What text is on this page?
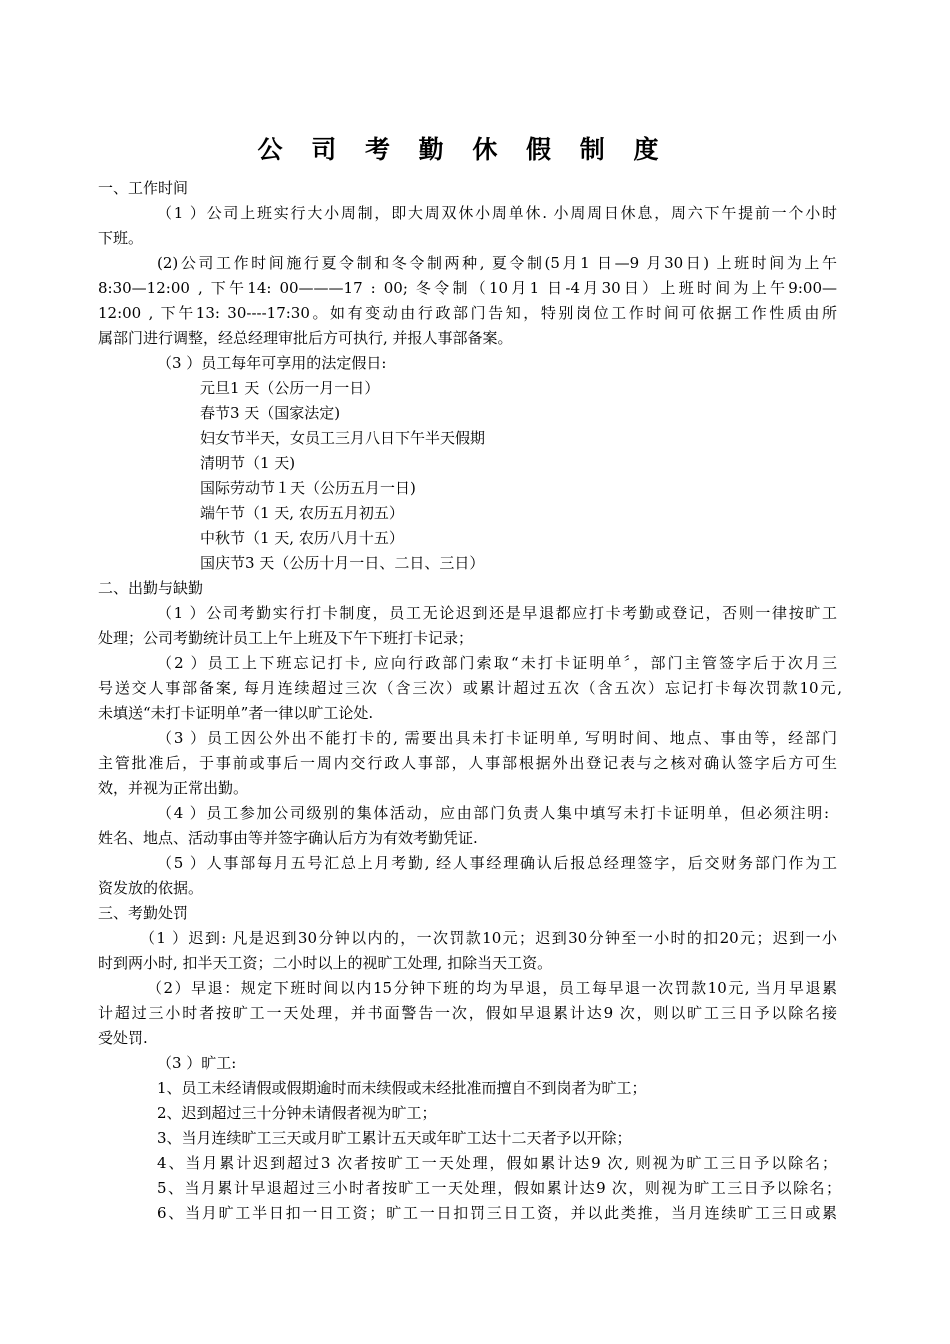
公 司 考 勤 休 假 制 度
一、工作时间
（1 ）公司上班实行大小周制，即大周双休小周单休. 小周周日休息，周六下午提前一个小时
下班。
(2)公司工作时间施行夏令制和冬令制两种, 夏令制(5月1 日—9 月30日) 上班时间为上午
8:30—12:00 , 下午14: 00———17 : 00; 冬令制（10月1 日-4月30日）上班时间为上午9:00—
12:00 , 下午13: 30----17:30。如有变动由行政部门告知，特别岗位工作时间可依据工作性质由所
属部门进行调整，经总经理审批后方可执行, 并报人事部备案。
（3 ）员工每年可享用的法定假日:
元旦1 天（公历一月一日）
春节3 天（国家法定)
妇女节半天，女员工三月八日下午半天假期
清明节（1 天)
国际劳动节１天（公历五月一日)
端午节（1 天, 农历五月初五）
中秋节（1 天, 农历八月十五）
国庆节3 天（公历十月一日、二日、三日）
二、出勤与缺勤
（1 ）公司考勤实行打卡制度，员工无论迟到还是早退都应打卡考勤或登记，否则一律按旷工
处理；公司考勤统计员工上午上班及下午下班打卡记录；
（2 ）员工上下班忘记打卡, 应向行政部门索取“未打卡证明单〞，部门主管签字后于次月三
号送交人事部备案, 每月连续超过三次（含三次）或累计超过五次（含五次）忘记打卡每次罚款10元,
未填送“未打卡证明单”者一律以旷工论处.
（3 ）员工因公外出不能打卡的, 需要出具未打卡证明单, 写明时间、地点、事由等，经部门
主管批准后，于事前或事后一周内交行政人事部，人事部根据外出登记表与之核对确认签字后方可生
效，并视为正常出勤。
（4 ）员工参加公司级别的集体活动，应由部门负责人集中填写未打卡证明单，但必须注明:
姓名、地点、活动事由等并签字确认后方为有效考勤凭证.
（5 ）人事部每月五号汇总上月考勤, 经人事经理确认后报总经理签字，后交财务部门作为工
资发放的依据。
三、考勤处罚
（1 ）迟到: 凡是迟到30分钟以内的，一次罚款10元；迟到30分钟至一小时的扣20元；迟到一小
时到两小时, 扣半天工资；二小时以上的视旷工处理, 扣除当天工资。
（2）早退：规定下班时间以内15分钟下班的均为早退，员工每早退一次罚款10元, 当月早退累
计超过三小时者按旷工一天处理，并书面警告一次，假如早退累计达9 次，则以旷工三日予以除名接
受处罚.
（3 ）旷工:
1、员工未经请假或假期逾时而未续假或未经批准而擅自不到岗者为旷工；
2、迟到超过三十分钟未请假者视为旷工；
3、当月连续旷工三天或月旷工累计五天或年旷工达十二天者予以开除；
4、当月累计迟到超过3 次者按旷工一天处理，假如累计达9 次, 则视为旷工三日予以除名；
5、当月累计早退超过三小时者按旷工一天处理，假如累计达9 次，则视为旷工三日予以除名；
6、当月旷工半日扣一日工资；旷工一日扣罚三日工资，并以此类推，当月连续旷工三日或累
